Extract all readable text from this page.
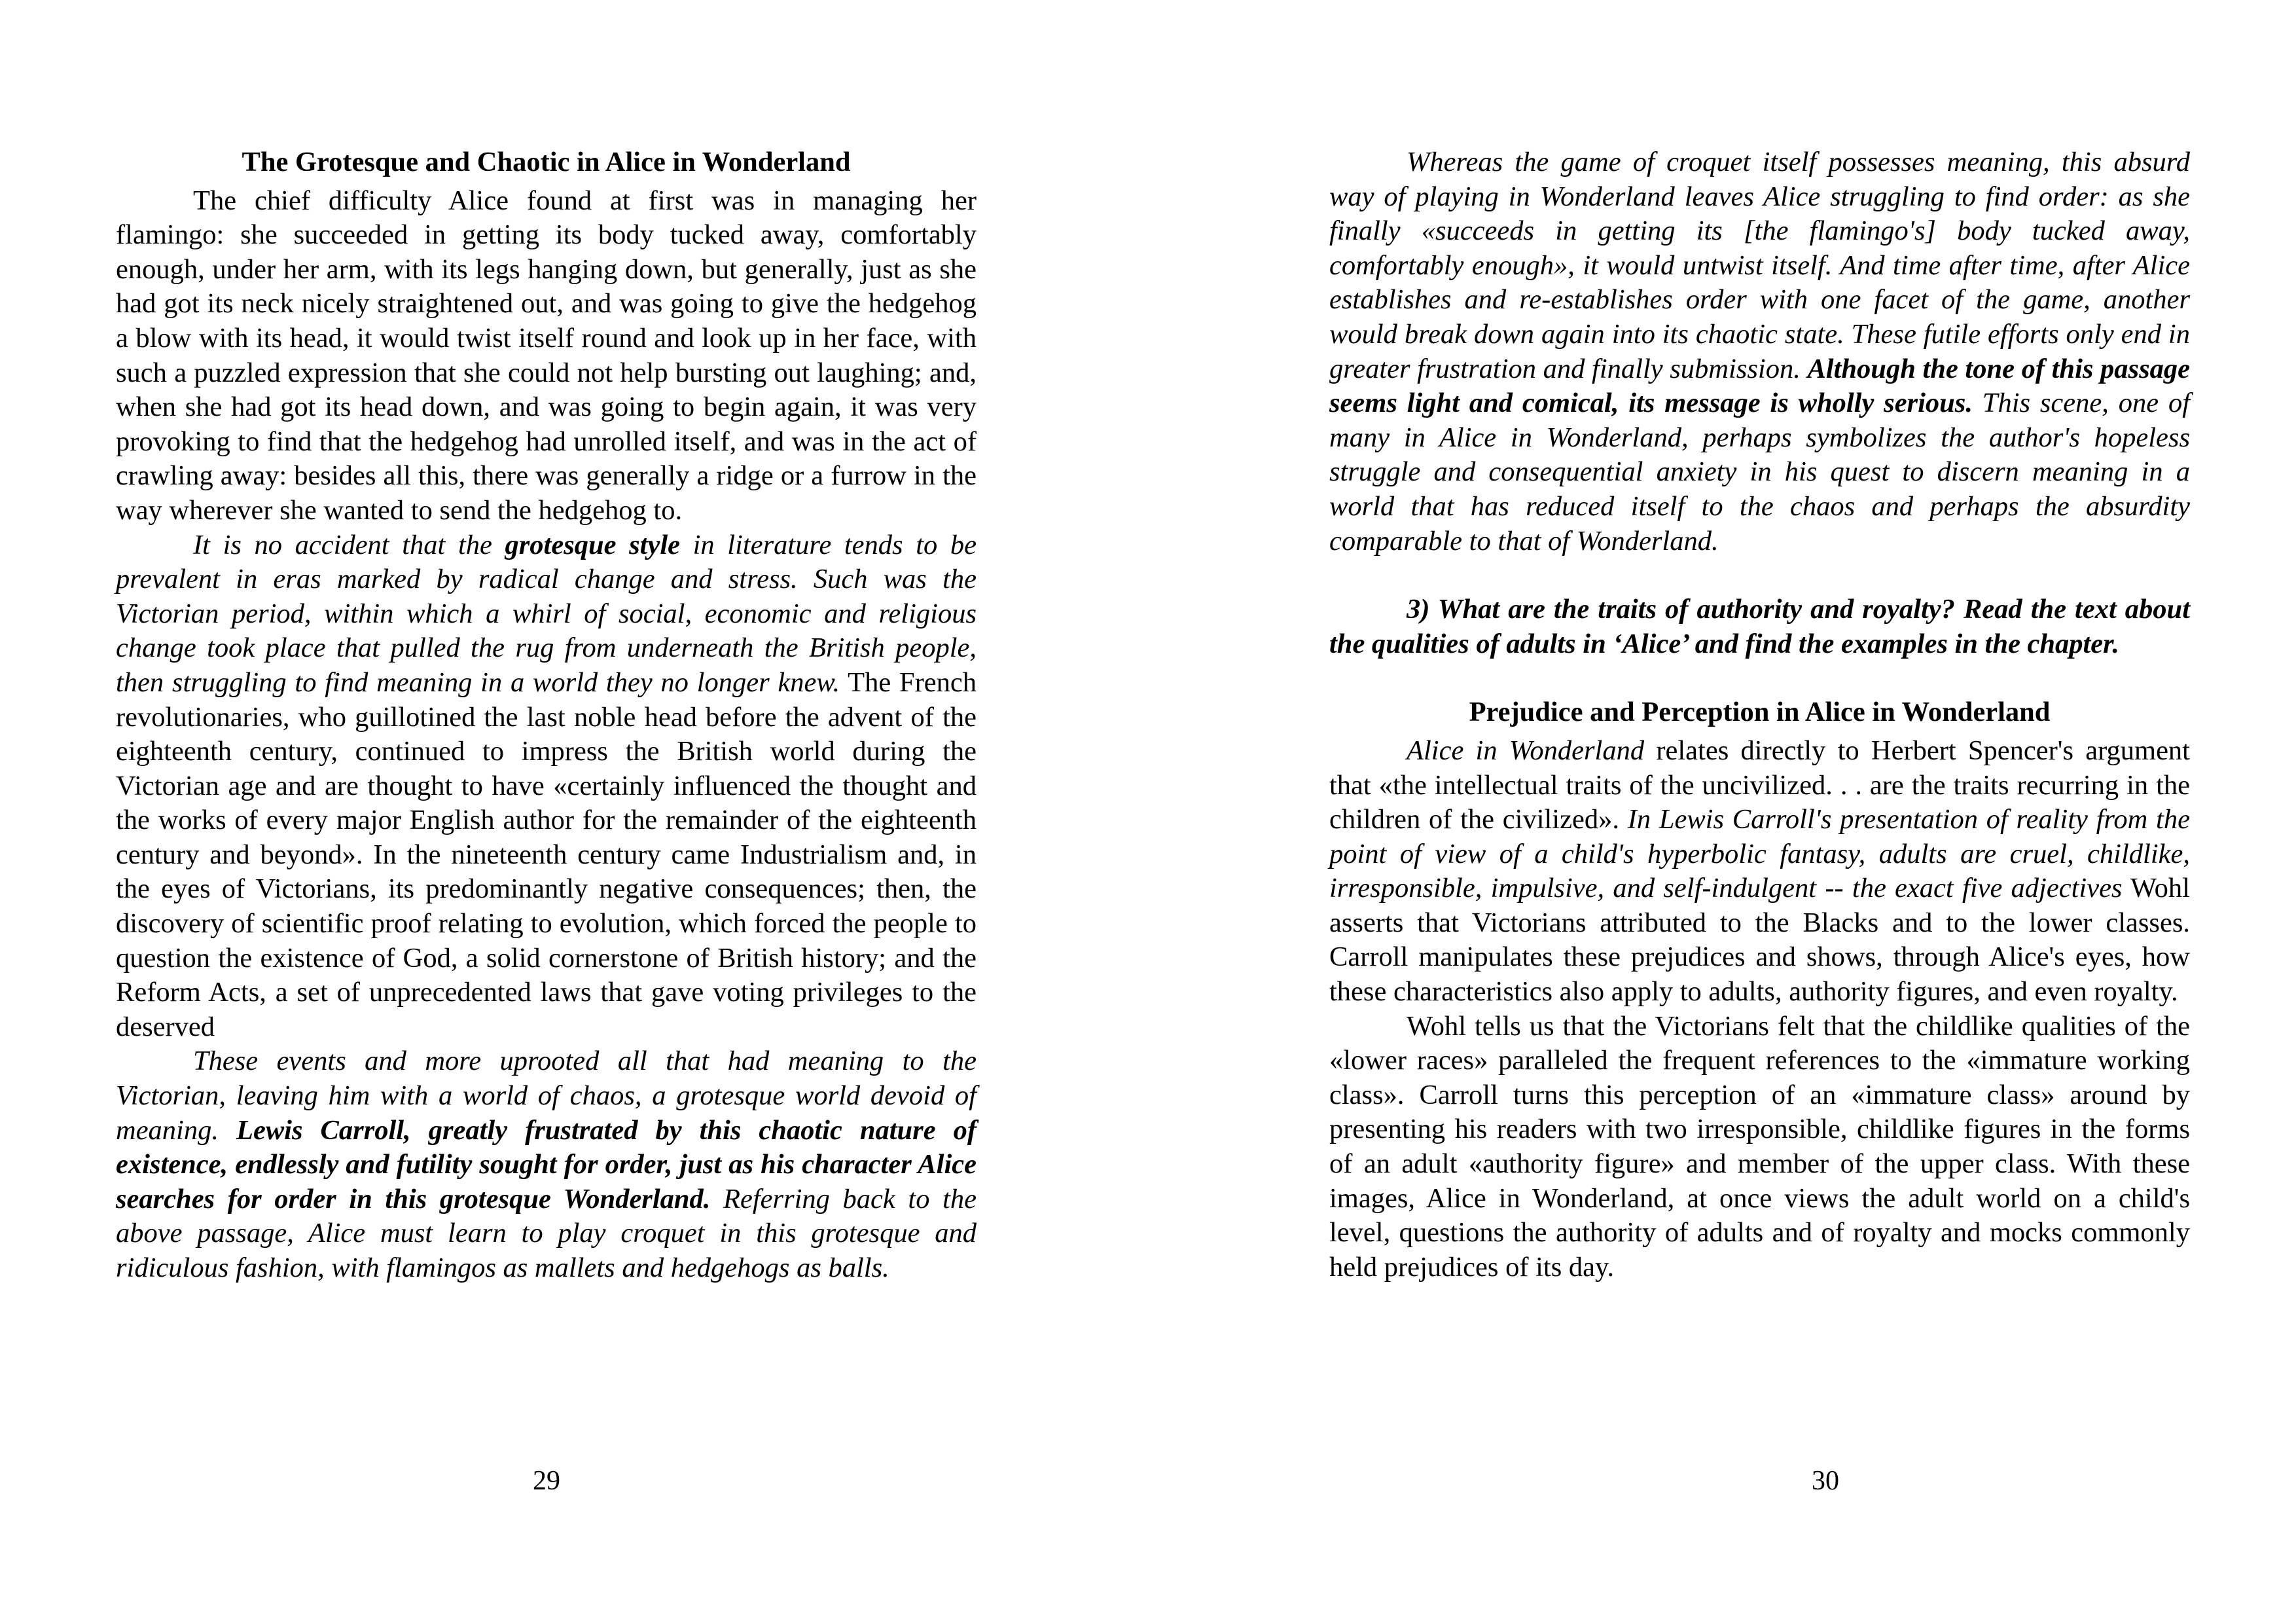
The Grotesque and Chaotic in Alice in Wonderland

The chief difficulty Alice found at first was in managing her flamingo: she succeeded in getting its body tucked away, comfortably enough, under her arm, with its legs hanging down, but generally, just as she had got its neck nicely straightened out, and was going to give the hedgehog a blow with its head, it would twist itself round and look up in her face, with such a puzzled expression that she could not help bursting out laughing; and, when she had got its head down, and was going to begin again, it was very provoking to find that the hedgehog had unrolled itself, and was in the act of crawling away: besides all this, there was generally a ridge or a furrow in the way wherever she wanted to send the hedgehog to.

It is no accident that the grotesque style in literature tends to be prevalent in eras marked by radical change and stress. Such was the Victorian period, within which a whirl of social, economic and religious change took place that pulled the rug from underneath the British people, then struggling to find meaning in a world they no longer knew. The French revolutionaries, who guillotined the last noble head before the advent of the eighteenth century, continued to impress the British world during the Victorian age and are thought to have «certainly influenced the thought and the works of every major English author for the remainder of the eighteenth century and beyond». In the nineteenth century came Industrialism and, in the eyes of Victorians, its predominantly negative consequences; then, the discovery of scientific proof relating to evolution, which forced the people to question the existence of God, a solid cornerstone of British history; and the Reform Acts, a set of unprecedented laws that gave voting privileges to the deserved

These events and more uprooted all that had meaning to the Victorian, leaving him with a world of chaos, a grotesque world devoid of meaning. Lewis Carroll, greatly frustrated by this chaotic nature of existence, endlessly and futility sought for order, just as his character Alice searches for order in this grotesque Wonderland. Referring back to the above passage, Alice must learn to play croquet in this grotesque and ridiculous fashion, with flamingos as mallets and hedgehogs as balls.

29

Whereas the game of croquet itself possesses meaning, this absurd way of playing in Wonderland leaves Alice struggling to find order: as she finally «succeeds in getting its [the flamingo's] body tucked away, comfortably enough», it would untwist itself. And time after time, after Alice establishes and re-establishes order with one facet of the game, another would break down again into its chaotic state. These futile efforts only end in greater frustration and finally submission. Although the tone of this passage seems light and comical, its message is wholly serious. This scene, one of many in Alice in Wonderland, perhaps symbolizes the author's hopeless struggle and consequential anxiety in his quest to discern meaning in a world that has reduced itself to the chaos and perhaps the absurdity comparable to that of Wonderland.

3) What are the traits of authority and royalty? Read the text about the qualities of adults in ‘Alice’ and find the examples in the chapter.

Prejudice and Perception in Alice in Wonderland

Alice in Wonderland relates directly to Herbert Spencer's argument that «the intellectual traits of the uncivilized. . . are the traits recurring in the children of the civilized». In Lewis Carroll's presentation of reality from the point of view of a child's hyperbolic fantasy, adults are cruel, childlike, irresponsible, impulsive, and self-indulgent -- the exact five adjectives Wohl asserts that Victorians attributed to the Blacks and to the lower classes. Carroll manipulates these prejudices and shows, through Alice's eyes, how these characteristics also apply to adults, authority figures, and even royalty.

Wohl tells us that the Victorians felt that the childlike qualities of the «lower races» paralleled the frequent references to the «immature working class». Carroll turns this perception of an «immature class» around by presenting his readers with two irresponsible, childlike figures in the forms of an adult «authority figure» and member of the upper class. With these images, Alice in Wonderland, at once views the adult world on a child's level, questions the authority of adults and of royalty and mocks commonly held prejudices of its day.

30
